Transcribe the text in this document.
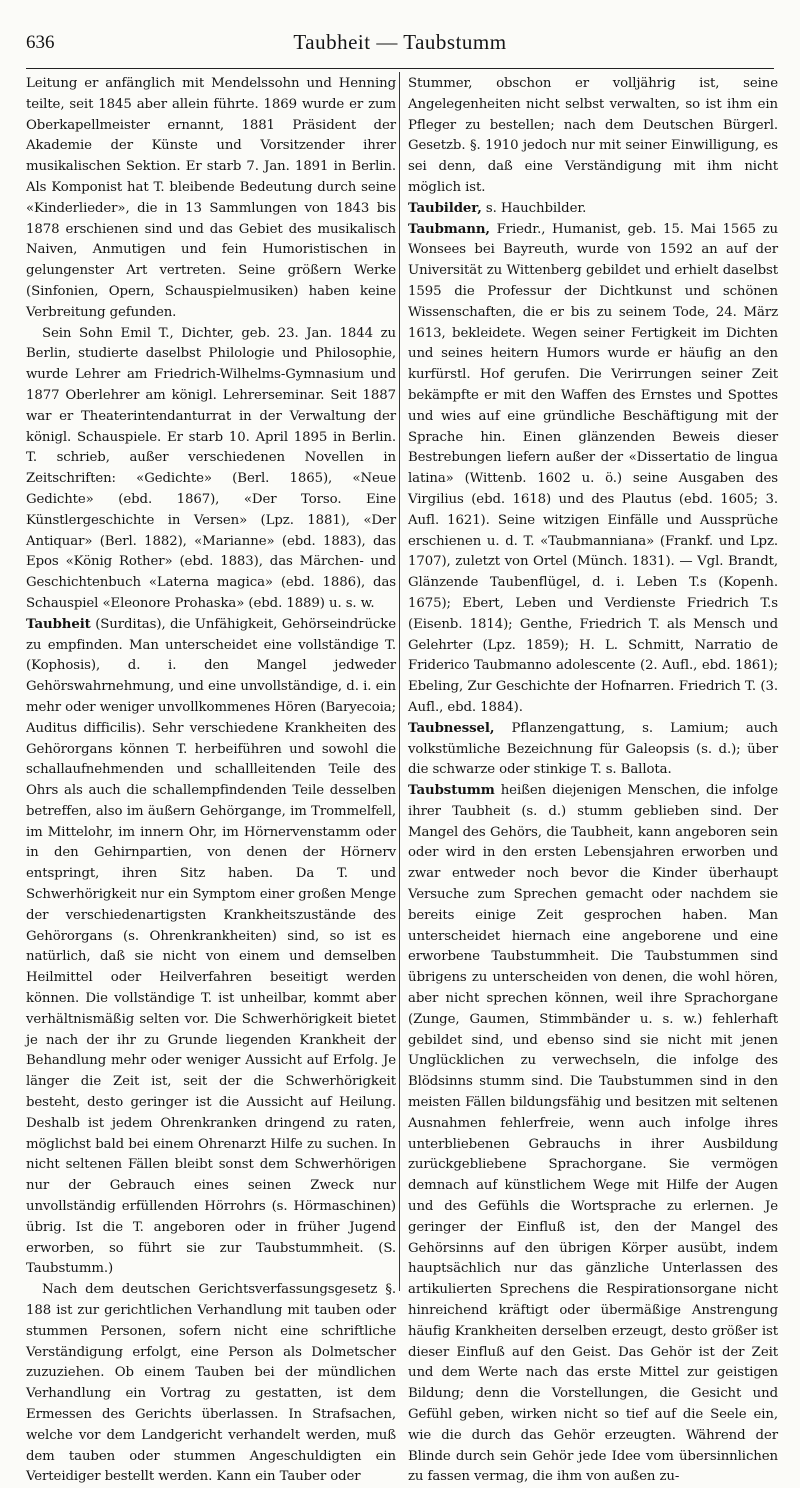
636	Taubheit — Taubstumm

Leitung er anfänglich mit Mendelssohn und Henning teilte, seit 1845 aber allein führte. 1869 wurde er zum Oberkapellmeister ernannt, 1881 Präsident der Akademie der Künste und Vorsitzender ihrer musikalischen Sektion. Er starb 7. Jan. 1891 in Berlin. Als Komponist hat T. bleibende Bedeutung durch seine «Kinderlieder», die in 13 Sammlungen von 1843 bis 1878 erschienen sind und das Gebiet des musikalisch Naiven, Anmutigen und fein Humoristischen in gelungenster Art vertreten. Seine größern Werke (Sinfonien, Opern, Schauspielmusiken) haben keine Verbreitung gefunden.

Sein Sohn Emil T., Dichter, geb. 23. Jan. 1844 zu Berlin, studierte daselbst Philologie und Philosophie, wurde Lehrer am Friedrich-Wilhelms-Gymnasium und 1877 Oberlehrer am königl. Lehrerseminar. Seit 1887 war er Theaterintendanturrat in der Verwaltung der königl. Schauspiele. Er starb 10. April 1895 in Berlin. T. schrieb, außer verschiedenen Novellen in Zeitschriften: «Gedichte» (Berl. 1865), «Neue Gedichte» (ebd. 1867), «Der Torso. Eine Künstlergeschichte in Versen» (Lpz. 1881), «Der Antiquar» (Berl. 1882), «Marianne» (ebd. 1883), das Epos «König Rother» (ebd. 1883), das Märchen- und Geschichtenbuch «Laterna magica» (ebd. 1886), das Schauspiel «Eleonore Prohaska» (ebd. 1889) u. s. w.

Taubheit (Surditas), die Unfähigkeit, Gehörseindrücke zu empfinden. Man unterscheidet eine vollständige T. (Kophosis), d. i. den Mangel jedweder Gehörswahrnehmung, und eine unvollständige, d. i. ein mehr oder weniger unvollkommenes Hören (Baryecoia; Auditus difficilis). Sehr verschiedene Krankheiten des Gehörorgans können T. herbeiführen und sowohl die schallaufnehmenden und schallleitenden Teile des Ohrs als auch die schallempfindenden Teile desselben betreffen, also im äußern Gehörgange, im Trommelfell, im Mittelohr, im innern Ohr, im Hörnervenstamm oder in den Gehirnpartien, von denen der Hörnerv entspringt, ihren Sitz haben. Da T. und Schwerhörigkeit nur ein Symptom einer großen Menge der verschiedenartigsten Krankheitszustände des Gehörorgans (s. Ohrenkrankheiten) sind, so ist es natürlich, daß sie nicht von einem und demselben Heilmittel oder Heilverfahren beseitigt werden können. Die vollständige T. ist unheilbar, kommt aber verhältnismäßig selten vor. Die Schwerhörigkeit bietet je nach der ihr zu Grunde liegenden Krankheit der Behandlung mehr oder weniger Aussicht auf Erfolg. Je länger die Zeit ist, seit der die Schwerhörigkeit besteht, desto geringer ist die Aussicht auf Heilung. Deshalb ist jedem Ohrenkranken dringend zu raten, möglichst bald bei einem Ohrenarzt Hilfe zu suchen. In nicht seltenen Fällen bleibt sonst dem Schwerhörigen nur der Gebrauch eines seinen Zweck nur unvollständig erfüllenden Hörrohrs (s. Hörmaschinen) übrig. Ist die T. angeboren oder in früher Jugend erworben, so führt sie zur Taubstummheit. (S. Taubstumm.)

Nach dem deutschen Gerichtsverfassungsgesetz §. 188 ist zur gerichtlichen Verhandlung mit tauben oder stummen Personen, sofern nicht eine schriftliche Verständigung erfolgt, eine Person als Dolmetscher zuzuziehen. Ob einem Tauben bei der mündlichen Verhandlung ein Vortrag zu gestatten, ist dem Ermessen des Gerichts überlassen. In Strafsachen, welche vor dem Landgericht verhandelt werden, muß dem tauben oder stummen Angeschuldigten ein Verteidiger bestellt werden. Kann ein Tauber oder

Stummer, obschon er volljährig ist, seine Angelegenheiten nicht selbst verwalten, so ist ihm ein Pfleger zu bestellen; nach dem Deutschen Bürgerl. Gesetzb. §. 1910 jedoch nur mit seiner Einwilligung, es sei denn, daß eine Verständigung mit ihm nicht möglich ist.

Taubilder, s. Hauchbilder.

Taubmann, Friedr., Humanist, geb. 15. Mai 1565 zu Wonsees bei Bayreuth, wurde von 1592 an auf der Universität zu Wittenberg gebildet und erhielt daselbst 1595 die Professur der Dichtkunst und schönen Wissenschaften, die er bis zu seinem Tode, 24. März 1613, bekleidete. Wegen seiner Fertigkeit im Dichten und seines heitern Humors wurde er häufig an den kurfürstl. Hof gerufen. Die Verirrungen seiner Zeit bekämpfte er mit den Waffen des Ernstes und Spottes und wies auf eine gründliche Beschäftigung mit der Sprache hin. Einen glänzenden Beweis dieser Bestrebungen liefern außer der «Dissertatio de lingua latina» (Wittenb. 1602 u. ö.) seine Ausgaben des Virgilius (ebd. 1618) und des Plautus (ebd. 1605; 3. Aufl. 1621). Seine witzigen Einfälle und Aussprüche erschienen u. d. T. «Taubmanniana» (Frankf. und Lpz. 1707), zuletzt von Ortel (Münch. 1831). — Vgl. Brandt, Glänzende Taubenflügel, d. i. Leben T.s (Kopenh. 1675); Ebert, Leben und Verdienste Friedrich T.s (Eisenb. 1814); Genthe, Friedrich T. als Mensch und Gelehrter (Lpz. 1859); H. L. Schmitt, Narratio de Friderico Taubmanno adolescente (2. Aufl., ebd. 1861); Ebeling, Zur Geschichte der Hofnarren. Friedrich T. (3. Aufl., ebd. 1884).

Taubnessel, Pflanzengattung, s. Lamium; auch volkstümliche Bezeichnung für Galeopsis (s. d.); über die schwarze oder stinkige T. s. Ballota.

Taubstumm heißen diejenigen Menschen, die infolge ihrer Taubheit (s. d.) stumm geblieben sind. Der Mangel des Gehörs, die Taubheit, kann angeboren sein oder wird in den ersten Lebensjahren erworben und zwar entweder noch bevor die Kinder überhaupt Versuche zum Sprechen gemacht oder nachdem sie bereits einige Zeit gesprochen haben. Man unterscheidet hiernach eine angeborene und eine erworbene Taubstummheit. Die Taubstummen sind übrigens zu unterscheiden von denen, die wohl hören, aber nicht sprechen können, weil ihre Sprachorgane (Zunge, Gaumen, Stimmbänder u. s. w.) fehlerhaft gebildet sind, und ebenso sind sie nicht mit jenen Unglücklichen zu verwechseln, die infolge des Blödsinns stumm sind. Die Taubstummen sind in den meisten Fällen bildungsfähig und besitzen mit seltenen Ausnahmen fehlerfreie, wenn auch infolge ihres unterbliebenen Gebrauchs in ihrer Ausbildung zurückgebliebene Sprachorgane. Sie vermögen demnach auf künstlichem Wege mit Hilfe der Augen und des Gefühls die Wortsprache zu erlernen. Je geringer der Einfluß ist, den der Mangel des Gehörsinns auf den übrigen Körper ausübt, indem hauptsächlich nur das gänzliche Unterlassen des artikulierten Sprechens die Respirationsorgane nicht hinreichend kräftigt oder übermäßige Anstrengung häufig Krankheiten derselben erzeugt, desto größer ist dieser Einfluß auf den Geist. Das Gehör ist der Zeit und dem Werte nach das erste Mittel zur geistigen Bildung; denn die Vorstellungen, die Gesicht und Gefühl geben, wirken nicht so tief auf die Seele ein, wie die durch das Gehör erzeugten. Während der Blinde durch sein Gehör jede Idee vom übersinnlichen zu fassen vermag, die ihm von außen zu-
